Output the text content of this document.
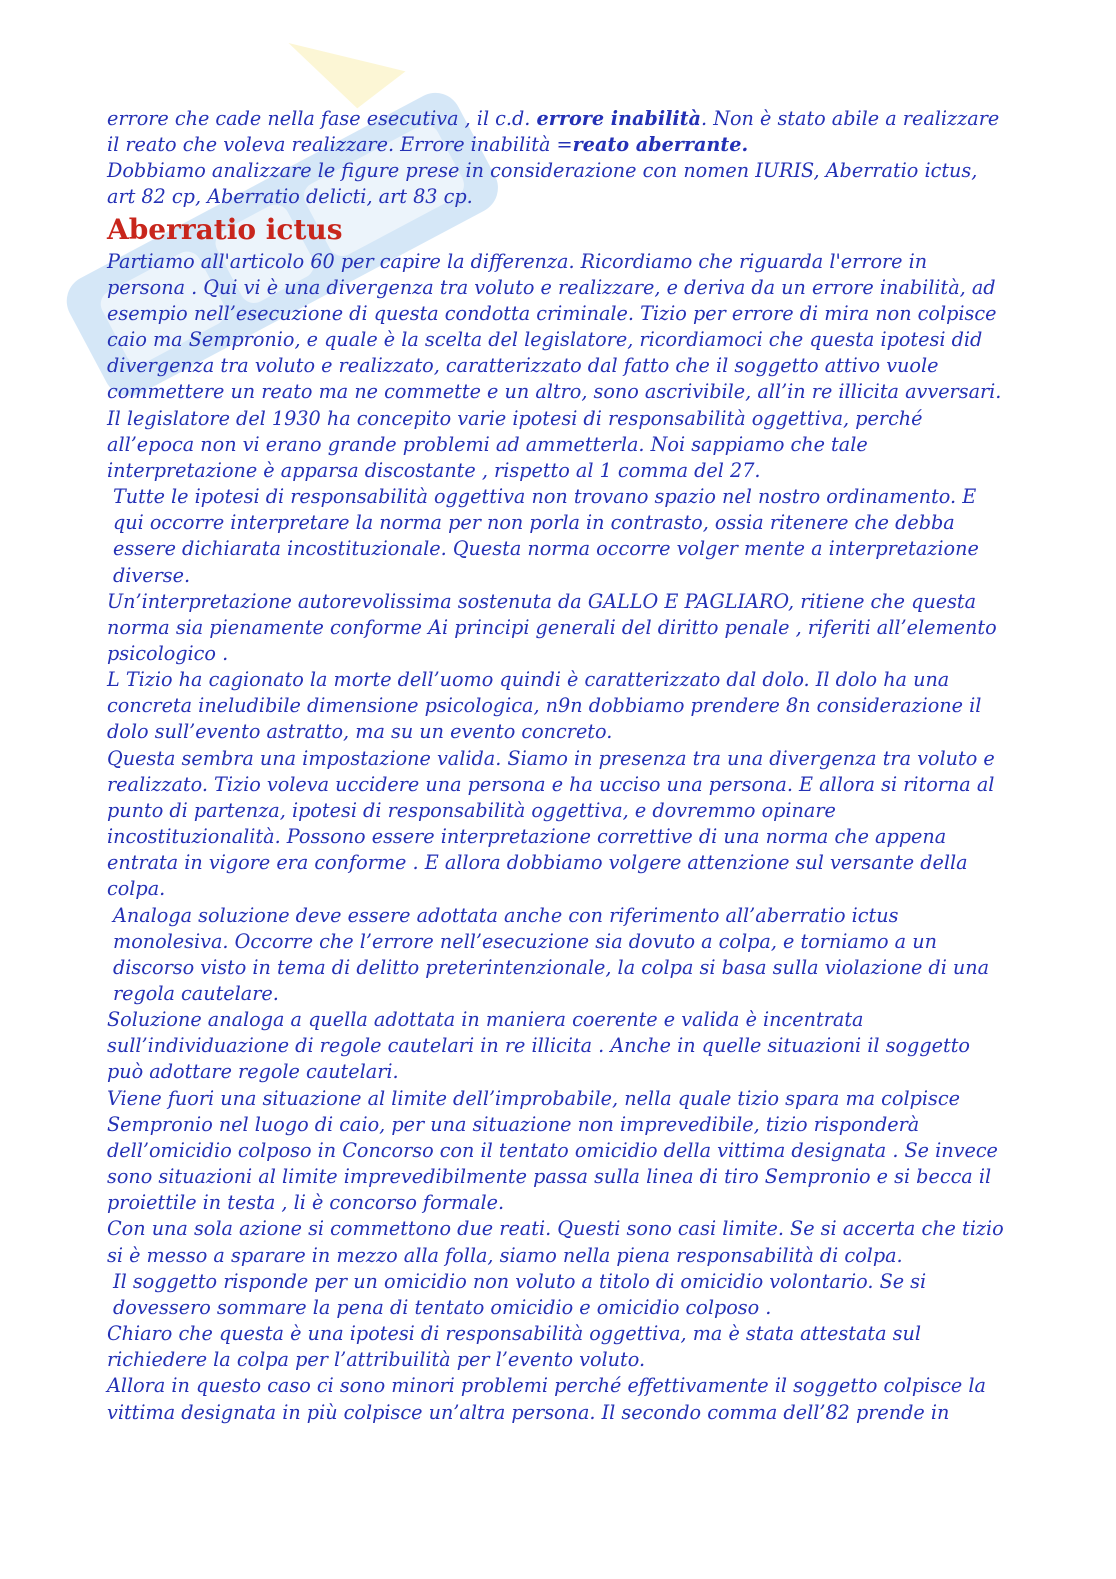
errore che cade nella fase esecutiva , il c.d. errore inabilità. Non è stato abile a realizzare il reato che voleva realizzare. Errore inabilità =reato aberrante.

Dobbiamo analizzare le figure prese in considerazione con nomen IURIS, Aberratio ictus, art 82 cp, Aberratio delicti, art 83 cp.

Aberratio ictus

Partiamo all'articolo 60 per capire la differenza. Ricordiamo che riguarda l'errore in persona . Qui vi è una divergenza tra voluto e realizzare, e deriva da un errore inabilità, ad esempio nell’esecuzione di questa condotta criminale. Tizio per errore di mira non colpisce caio ma Sempronio, e quale è la scelta del legislatore, ricordiamoci che questa ipotesi did divergenza tra voluto e realizzato, caratterizzato dal fatto che il soggetto attivo vuole commettere un reato ma ne commette e un altro, sono ascrivibile, all’in re illicita avversari.

Il legislatore del 1930 ha concepito varie ipotesi di responsabilità oggettiva, perché all’epoca non vi erano grande problemi ad ammetterla. Noi sappiamo che tale interpretazione è apparsa discostante , rispetto al 1 comma del 27.

Tutte le ipotesi di responsabilità oggettiva non trovano spazio nel nostro ordinamento. E qui occorre interpretare la norma per non porla in contrasto, ossia ritenere che debba essere dichiarata incostituzionale. Questa norma occorre volger mente a interpretazione diverse.

Un’interpretazione autorevolissima sostenuta da GALLO E PAGLIARO, ritiene che questa norma sia pienamente conforme Ai principi generali del diritto penale , riferiti all’elemento psicologico .

L Tizio ha cagionato la morte dell’uomo quindi è caratterizzato dal dolo. Il dolo ha una concreta ineludibile dimensione psicologica, n9n dobbiamo prendere 8n considerazione il dolo sull’evento astratto, ma su un evento concreto.

Questa sembra una impostazione valida. Siamo in presenza tra una divergenza tra voluto e realizzato. Tizio voleva uccidere una persona e ha ucciso una persona. E allora si ritorna al punto di partenza, ipotesi di responsabilità oggettiva, e dovremmo opinare incostituzionalità. Possono essere interpretazione correttive di una norma che appena entrata in vigore era conforme . E allora dobbiamo volgere attenzione sul versante della colpa.

Analoga soluzione deve essere adottata anche con riferimento all’aberratio ictus monolesiva. Occorre che l’errore nell’esecuzione sia dovuto a colpa, e torniamo a un discorso visto in tema di delitto preterintenzionale, la colpa si basa sulla violazione di una regola cautelare.

Soluzione analoga a quella adottata in maniera coerente e valida è incentrata sull’individuazione di regole cautelari in re illicita . Anche in quelle situazioni il soggetto può adottare regole cautelari.

Viene fuori una situazione al limite dell’improbabile, nella quale tizio spara ma colpisce Sempronio nel luogo di caio, per una situazione non imprevedibile, tizio risponderà dell’omicidio colposo in Concorso con il tentato omicidio della vittima designata . Se invece sono situazioni al limite imprevedibilmente passa sulla linea di tiro Sempronio e si becca il proiettile in testa , li è concorso formale.

Con una sola azione si commettono due reati. Questi sono casi limite. Se si accerta che tizio si è messo a sparare in mezzo alla folla, siamo nella piena responsabilità di colpa.

Il soggetto risponde per un omicidio non voluto a titolo di omicidio volontario. Se si dovessero sommare la pena di tentato omicidio e omicidio colposo .

Chiaro che questa è una ipotesi di responsabilità oggettiva, ma è stata attestata sul richiedere la colpa per l’attribuilità per l’evento voluto.

Allora in questo caso ci sono minori problemi perché effettivamente il soggetto colpisce la vittima designata in più colpisce un’altra persona. Il secondo comma dell’82 prende in
